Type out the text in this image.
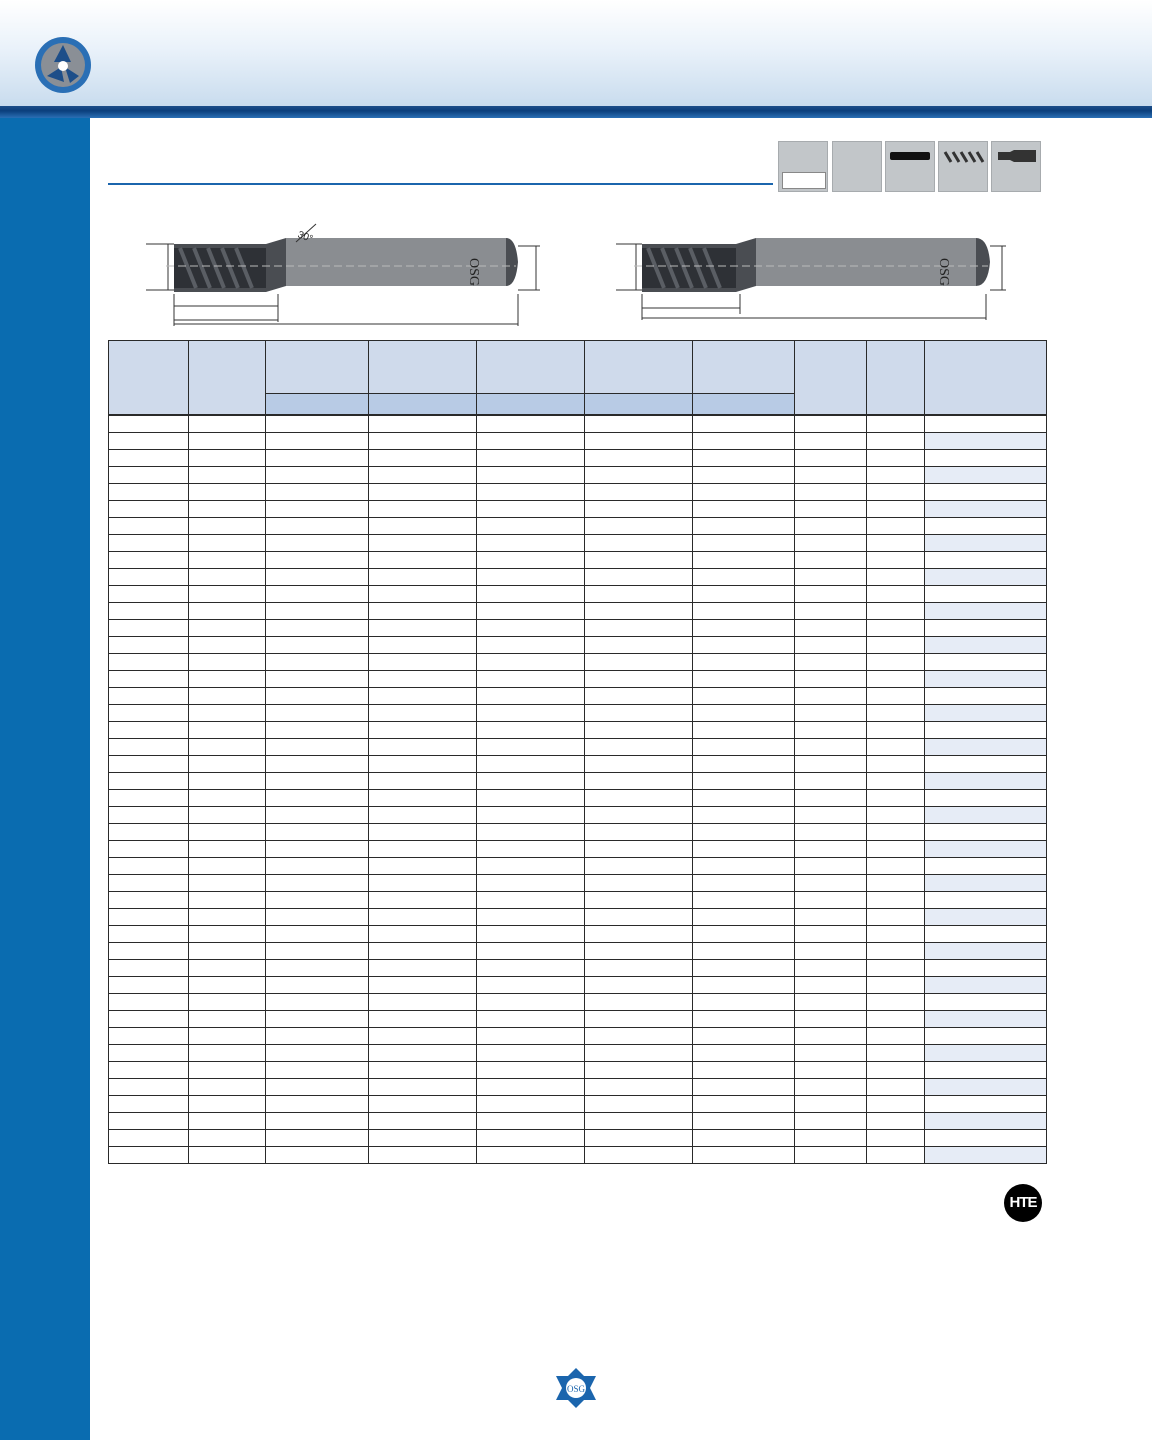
OSG
30°
OSG

HTE
OSG
